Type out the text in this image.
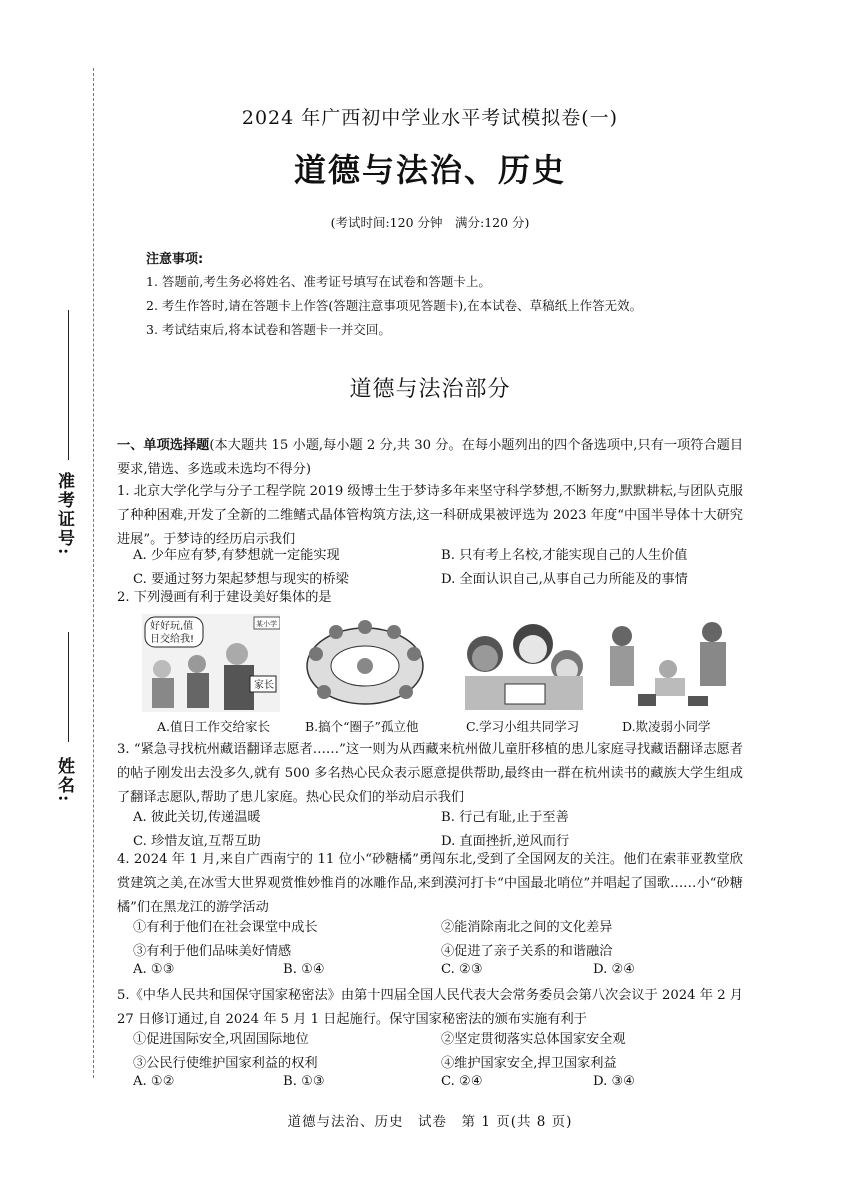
准考证号:
姓名:
2024 年广西初中学业水平考试模拟卷(一)
道德与法治、历史
(考试时间:120 分钟　满分:120 分)
注意事项:
1. 答题前,考生务必将姓名、准考证号填写在试卷和答题卡上。
2. 考生作答时,请在答题卡上作答(答题注意事项见答题卡),在本试卷、草稿纸上作答无效。
3. 考试结束后,将本试卷和答题卡一并交回。
道德与法治部分
一、单项选择题(本大题共 15 小题,每小题 2 分,共 30 分。在每小题列出的四个备选项中,只有一项符合题目要求,错选、多选或未选均不得分)
1. 北京大学化学与分子工程学院 2019 级博士生于梦诗多年来坚守科学梦想,不断努力,默默耕耘,与团队克服了种种困难,开发了全新的二维鳍式晶体管构筑方法,这一科研成果被评选为 2023 年度“中国半导体十大研究进展”。于梦诗的经历启示我们
A. 少年应有梦,有梦想就一定能实现	B. 只有考上名校,才能实现自己的人生价值
C. 要通过努力架起梦想与现实的桥梁	D. 全面认识自己,从事自己力所能及的事情
2. 下列漫画有利于建设美好集体的是
好好玩,值
日交给我!
某小学
家长
A.值日工作交给家长	B.搞个“圈子”孤立他	C.学习小组共同学习	D.欺凌弱小同学
3. “紧急寻找杭州藏语翻译志愿者……”这一则为从西藏来杭州做儿童肝移植的患儿家庭寻找藏语翻译志愿者的帖子刚发出去没多久,就有 500 多名热心民众表示愿意提供帮助,最终由一群在杭州读书的藏族大学生组成了翻译志愿队,帮助了患儿家庭。热心民众们的举动启示我们
A. 彼此关切,传递温暖	B. 行己有耻,止于至善
C. 珍惜友谊,互帮互助	D. 直面挫折,逆风而行
4. 2024 年 1 月,来自广西南宁的 11 位小“砂糖橘”勇闯东北,受到了全国网友的关注。他们在索菲亚教堂欣赏建筑之美,在冰雪大世界观赏惟妙惟肖的冰雕作品,来到漠河打卡“中国最北哨位”并唱起了国歌……小“砂糖橘”们在黑龙江的游学活动
①有利于他们在社会课堂中成长	②能消除南北之间的文化差异
③有利于他们品味美好情感	④促进了亲子关系的和谐融洽
A. ①③	B. ①④	C. ②③	D. ②④
5.《中华人民共和国保守国家秘密法》由第十四届全国人民代表大会常务委员会第八次会议于 2024 年 2 月 27 日修订通过,自 2024 年 5 月 1 日起施行。保守国家秘密法的颁布实施有利于
①促进国际安全,巩固国际地位	②坚定贯彻落实总体国家安全观
③公民行使维护国家利益的权利	④维护国家安全,捍卫国家利益
A. ①②	B. ①③	C. ②④	D. ③④
道德与法治、历史　试卷　第 1 页(共 8 页)
